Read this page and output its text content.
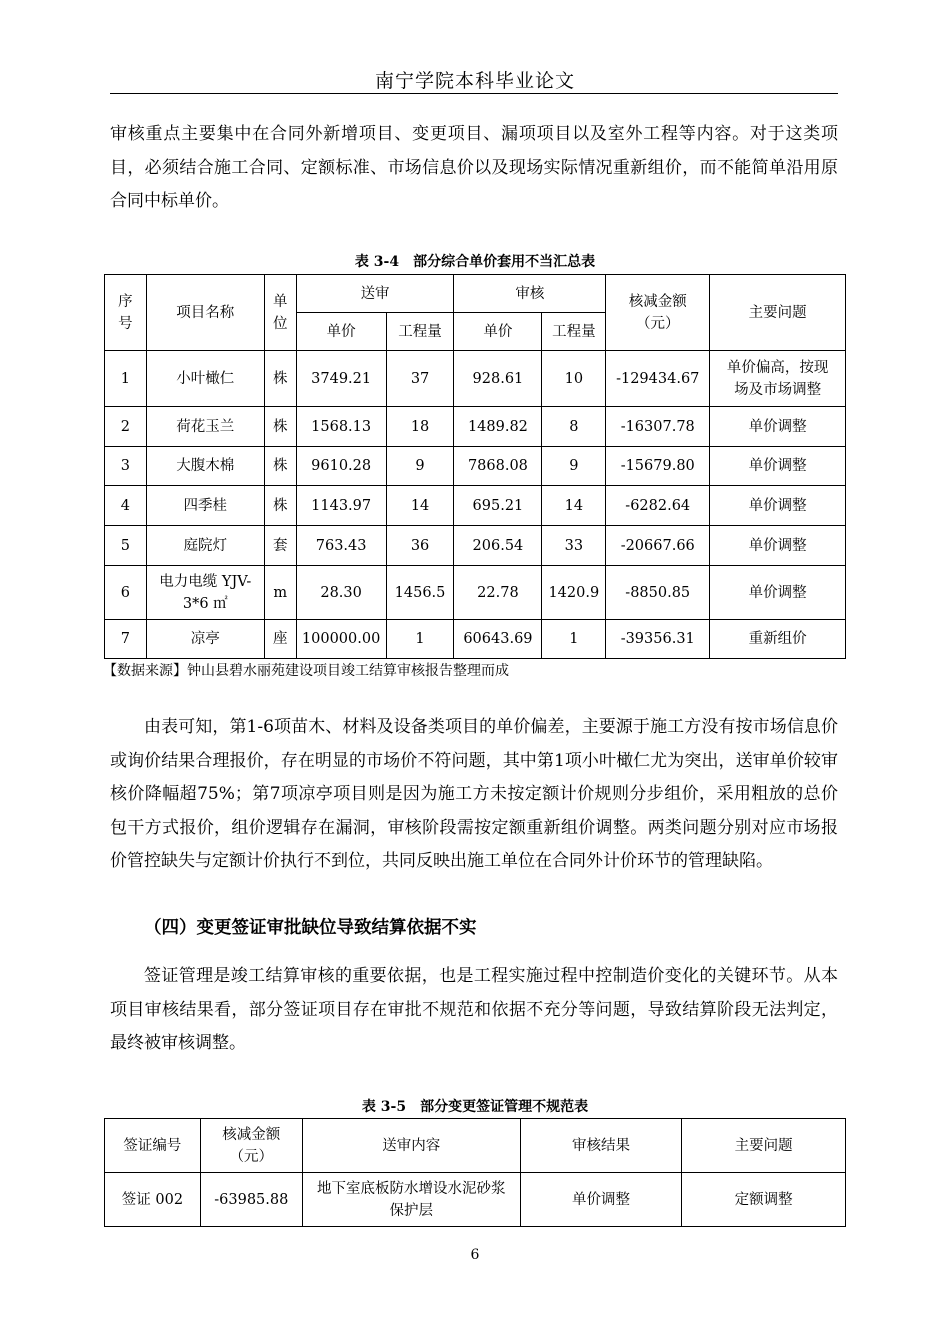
南宁学院本科毕业论文

审核重点主要集中在合同外新增项目、变更项目、漏项项目以及室外工程等内容。对于这类项目，必须结合施工合同、定额标准、市场信息价以及现场实际情况重新组价，而不能简单沿用原合同中标单价。

表 3-4　部分综合单价套用不当汇总表
序号	项目名称	单位	送审		审核		核减金额（元）	主要问题
			单价	工程量	单价	工程量		
1	小叶橄仁	株	3749.21	37	928.61	10	-129434.67	单价偏高，按现场及市场调整

2	荷花玉兰	株	1568.13	18	1489.82	8	-16307.78	单价调整
3	大腹木棉	株	9610.28	9	7868.08	9	-15679.80	单价调整
4	四季桂	株	1143.97	14	695.21	14	-6282.64	单价调整
5	庭院灯	套	763.43	36	206.54	33	-20667.66	单价调整
6	电力电缆 YJV-3*6 ㎡	m	28.30	1456.5	22.78	1420.9	-8850.85	单价调整
7	凉亭	座	100000.00	1	60643.69	1	-39356.31	重新组价
【数据来源】钟山县碧水丽苑建设项目竣工结算审核报告整理而成

由表可知，第1-6项苗木、材料及设备类项目的单价偏差，主要源于施工方没有按市场信息价或询价结果合理报价，存在明显的市场价不符问题，其中第1项小叶橄仁尤为突出，送审单价较审核价降幅超75%；第7项凉亭项目则是因为施工方未按定额计价规则分步组价，采用粗放的总价包干方式报价，组价逻辑存在漏洞，审核阶段需按定额重新组价调整。两类问题分别对应市场报价管控缺失与定额计价执行不到位，共同反映出施工单位在合同外计价环节的管理缺陷。

（四）变更签证审批缺位导致结算依据不实

签证管理是竣工结算审核的重要依据，也是工程实施过程中控制造价变化的关键环节。从本项目审核结果看，部分签证项目存在审批不规范和依据不充分等问题，导致结算阶段无法判定，最终被审核调整。

表 3-5　部分变更签证管理不规范表
签证编号	核减金额（元）	送审内容	审核结果	主要问题
签证 002	-63985.88	地下室底板防水增设水泥砂浆保护层	单价调整	定额调整
6
